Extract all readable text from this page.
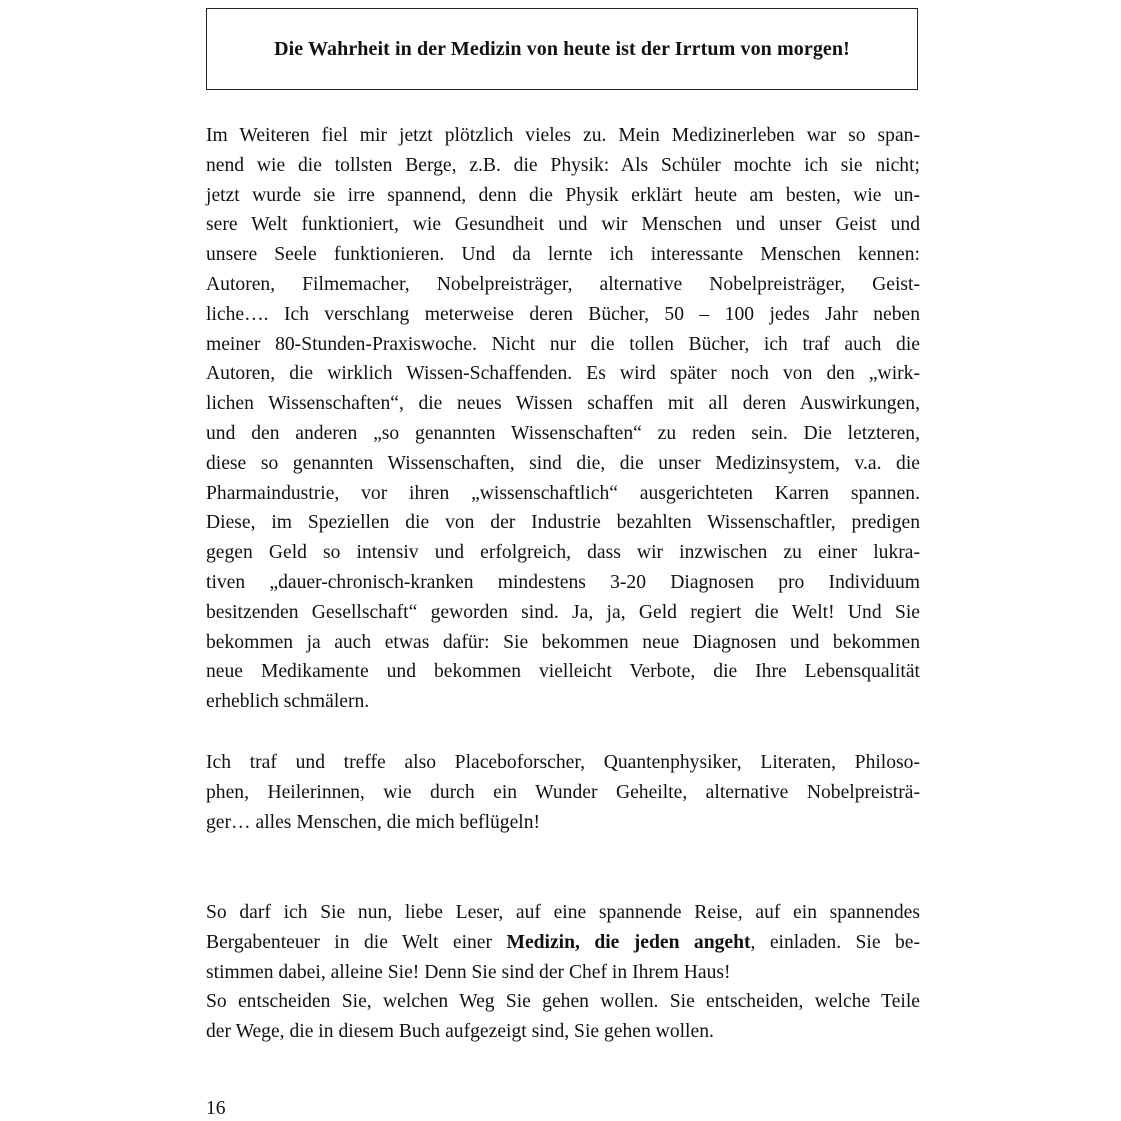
Die Wahrheit in der Medizin von heute ist der Irrtum von morgen!

Im Weiteren fiel mir jetzt plötzlich vieles zu. Mein Medizinerleben war so span-
nend wie die tollsten Berge, z.B. die Physik: Als Schüler mochte ich sie nicht;
jetzt wurde sie irre spannend, denn die Physik erklärt heute am besten, wie un-
sere Welt funktioniert, wie Gesundheit und wir Menschen und unser Geist und
unsere Seele funktionieren. Und da lernte ich interessante Menschen kennen:
Autoren, Filmemacher, Nobelpreisträger, alternative Nobelpreisträger, Geist-
liche…. Ich verschlang meterweise deren Bücher, 50 – 100 jedes Jahr neben
meiner 80-Stunden-Praxiswoche. Nicht nur die tollen Bücher, ich traf auch die
Autoren, die wirklich Wissen-Schaffenden. Es wird später noch von den „wirk-
lichen Wissenschaften“, die neues Wissen schaffen mit all deren Auswirkungen,
und den anderen „so genannten Wissenschaften“ zu reden sein. Die letzteren,
diese so genannten Wissenschaften, sind die, die unser Medizinsystem, v.a. die
Pharmaindustrie, vor ihren „wissenschaftlich“ ausgerichteten Karren spannen.
Diese, im Speziellen die von der Industrie bezahlten Wissenschaftler, predigen
gegen Geld so intensiv und erfolgreich, dass wir inzwischen zu einer lukra-
tiven „dauer-chronisch-kranken mindestens 3-20 Diagnosen pro Individuum
besitzenden Gesellschaft“ geworden sind. Ja, ja, Geld regiert die Welt! Und Sie
bekommen ja auch etwas dafür: Sie bekommen neue Diagnosen und bekommen
neue Medikamente und bekommen vielleicht Verbote, die Ihre Lebensqualität
erheblich schmälern.
Ich traf und treffe also Placeboforscher, Quantenphysiker, Literaten, Philoso-
phen, Heilerinnen, wie durch ein Wunder Geheilte, alternative Nobelpreisträ-
ger… alles Menschen, die mich beflügeln!
So darf ich Sie nun, liebe Leser, auf eine spannende Reise, auf ein spannendes
Bergabenteuer in die Welt einer Medizin, die jeden angeht, einladen. Sie be-
stimmen dabei, alleine Sie! Denn Sie sind der Chef in Ihrem Haus!
So entscheiden Sie, welchen Weg Sie gehen wollen. Sie entscheiden, welche Teile
der Wege, die in diesem Buch aufgezeigt sind, Sie gehen wollen.

16
